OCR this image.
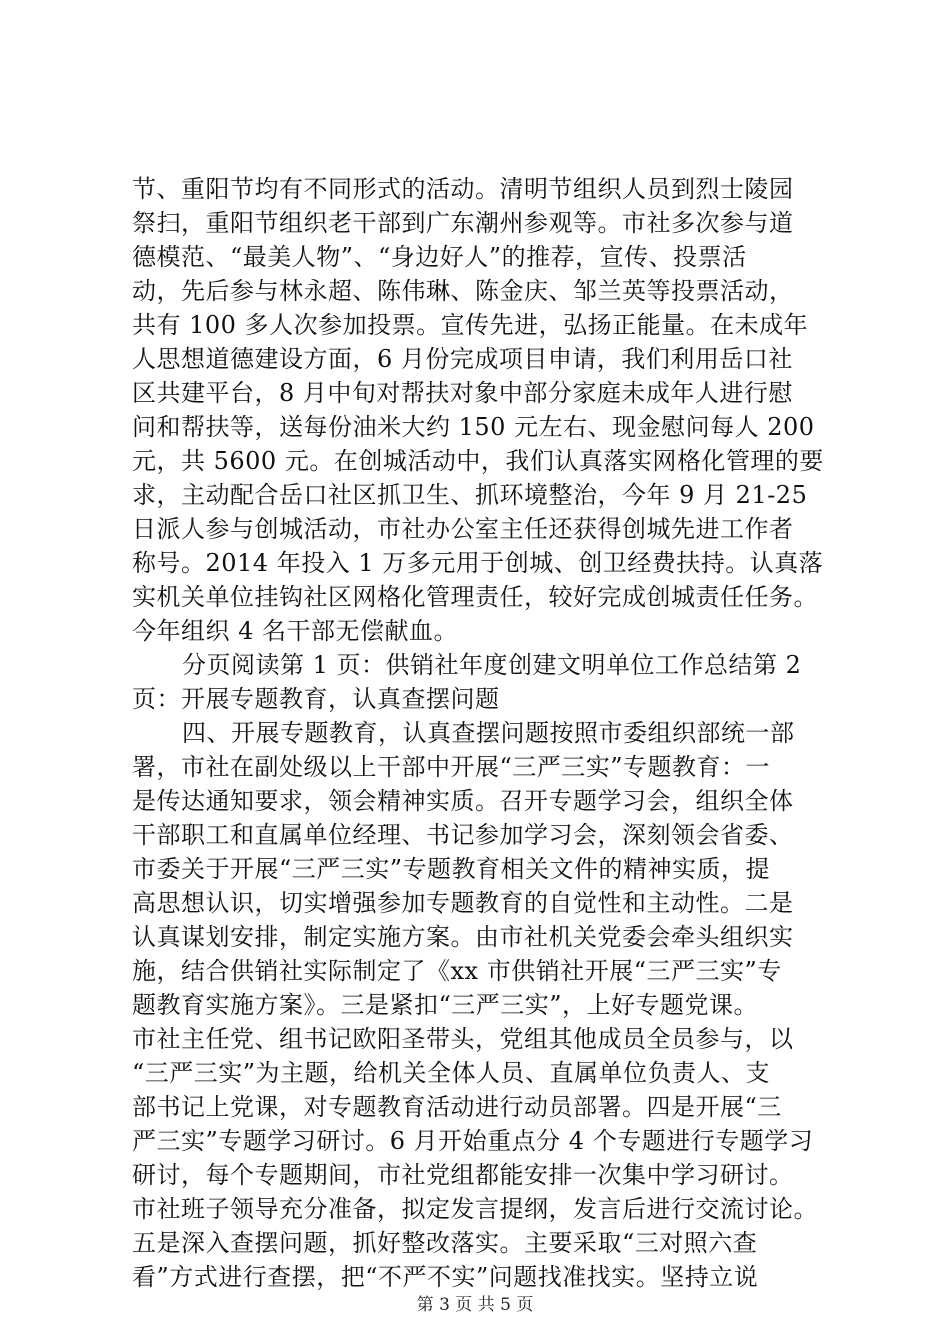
节、重阳节均有不同形式的活动。清明节组织人员到烈士陵园
祭扫，重阳节组织老干部到广东潮州参观等。市社多次参与道
德模范、“最美人物”、“身边好人”的推荐，宣传、投票活
动，先后参与林永超、陈伟琳、陈金庆、邹兰英等投票活动，
共有 100 多人次参加投票。宣传先进，弘扬正能量。在未成年
人思想道德建设方面，6 月份完成项目申请，我们利用岳口社
区共建平台，8 月中旬对帮扶对象中部分家庭未成年人进行慰
问和帮扶等，送每份油米大约 150 元左右、现金慰问每人 200
元，共 5600 元。在创城活动中，我们认真落实网格化管理的要
求，主动配合岳口社区抓卫生、抓环境整治，今年 9 月 21-25
日派人参与创城活动，市社办公室主任还获得创城先进工作者
称号。2014 年投入 1 万多元用于创城、创卫经费扶持。认真落
实机关单位挂钩社区网格化管理责任，较好完成创城责任任务。
今年组织 4 名干部无偿献血。
分页阅读第 1 页：供销社年度创建文明单位工作总结第 2
页：开展专题教育，认真查摆问题
四、开展专题教育，认真查摆问题按照市委组织部统一部
署，市社在副处级以上干部中开展“三严三实”专题教育：一
是传达通知要求，领会精神实质。召开专题学习会，组织全体
干部职工和直属单位经理、书记参加学习会，深刻领会省委、
市委关于开展“三严三实”专题教育相关文件的精神实质，提
高思想认识，切实增强参加专题教育的自觉性和主动性。二是
认真谋划安排，制定实施方案。由市社机关党委会牵头组织实
施，结合供销社实际制定了《xx 市供销社开展“三严三实”专
题教育实施方案》。三是紧扣“三严三实”，上好专题党课。
市社主任党、组书记欧阳圣带头，党组其他成员全员参与，以
“三严三实”为主题，给机关全体人员、直属单位负责人、支
部书记上党课，对专题教育活动进行动员部署。四是开展“三
严三实”专题学习研讨。6 月开始重点分 4 个专题进行专题学习
研讨，每个专题期间，市社党组都能安排一次集中学习研讨。
市社班子领导充分准备，拟定发言提纲，发言后进行交流讨论。
五是深入查摆问题，抓好整改落实。主要采取“三对照六查
看”方式进行查摆，把“不严不实”问题找准找实。坚持立说
第 3 页 共 5 页
